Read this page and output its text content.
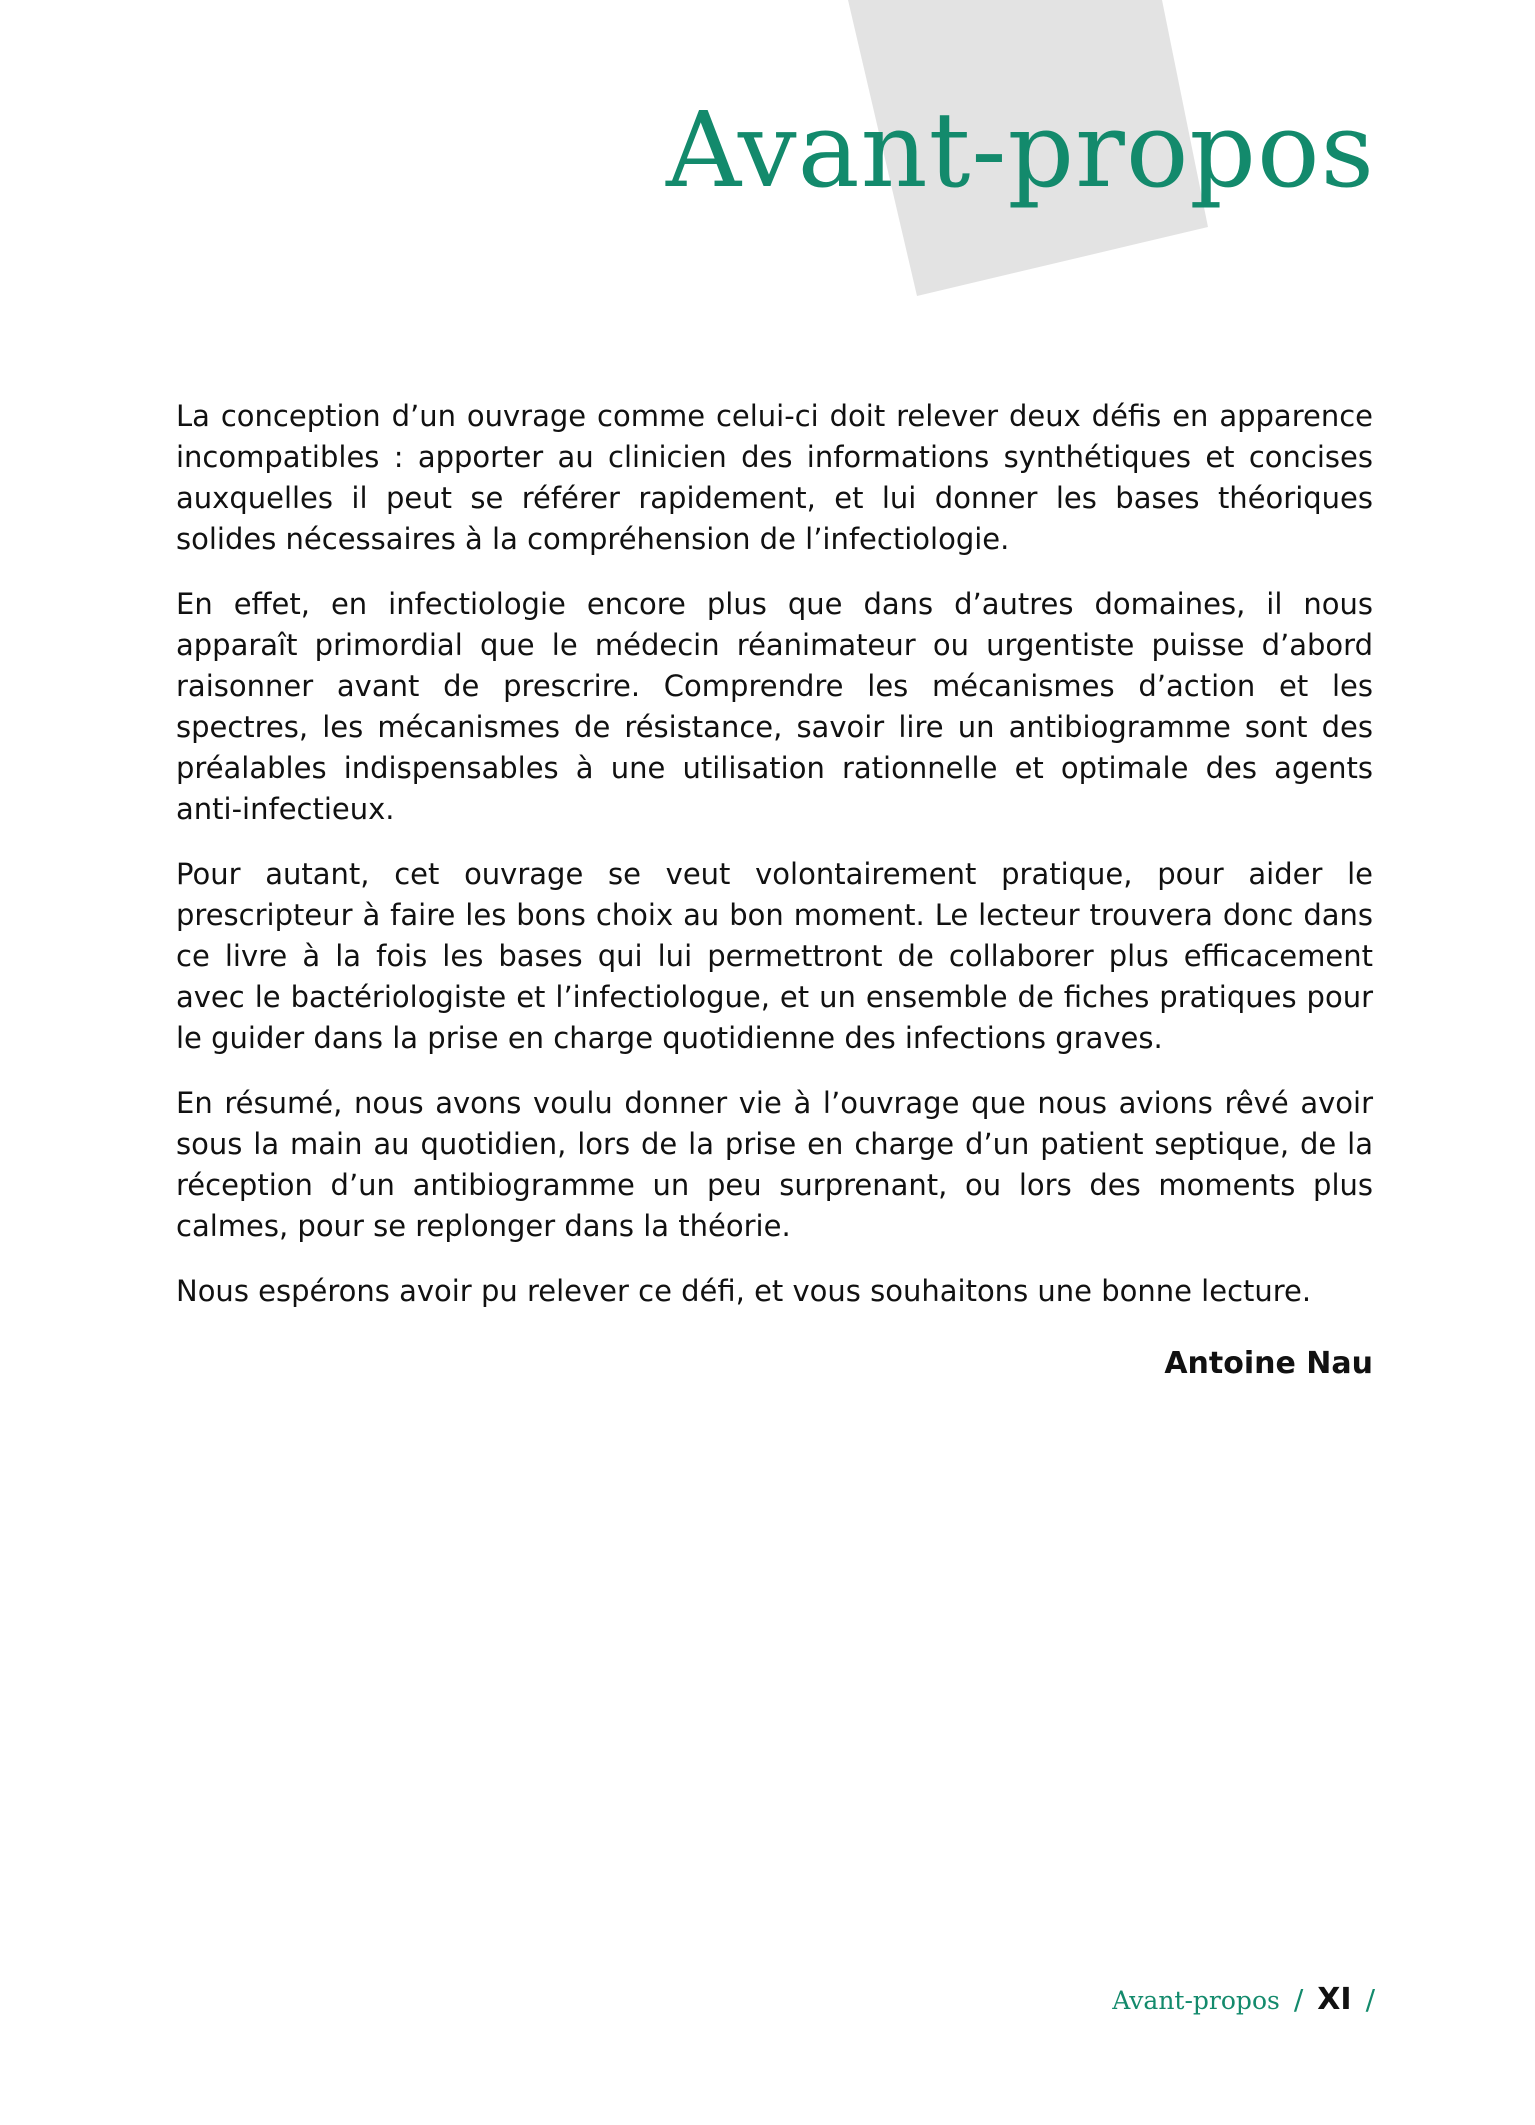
Avant-propos

La conception d’un ouvrage comme celui-ci doit relever deux défis en apparence incompatibles : apporter au clinicien des informations synthétiques et concises auxquelles il peut se référer rapidement, et lui donner les bases théoriques solides nécessaires à la compréhension de l’infectiologie.

En effet, en infectiologie encore plus que dans d’autres domaines, il nous apparaît primordial que le médecin réanimateur ou urgentiste puisse d’abord raisonner avant de prescrire. Comprendre les mécanismes d’action et les spectres, les mécanismes de résistance, savoir lire un antibiogramme sont des préalables indispensables à une utilisation rationnelle et optimale des agents anti-infectieux.

Pour autant, cet ouvrage se veut volontairement pratique, pour aider le prescripteur à faire les bons choix au bon moment. Le lecteur trouvera donc dans ce livre à la fois les bases qui lui permettront de collaborer plus efficacement avec le bactériologiste et l’infectiologue, et un ensemble de fiches pratiques pour le guider dans la prise en charge quotidienne des infections graves.

En résumé, nous avons voulu donner vie à l’ouvrage que nous avions rêvé avoir sous la main au quotidien, lors de la prise en charge d’un patient septique, de la réception d’un antibiogramme un peu surprenant, ou lors des moments plus calmes, pour se replonger dans la théorie.

Nous espérons avoir pu relever ce défi, et vous souhaitons une bonne lecture.

Antoine Nau
Avant-propos / XI /
